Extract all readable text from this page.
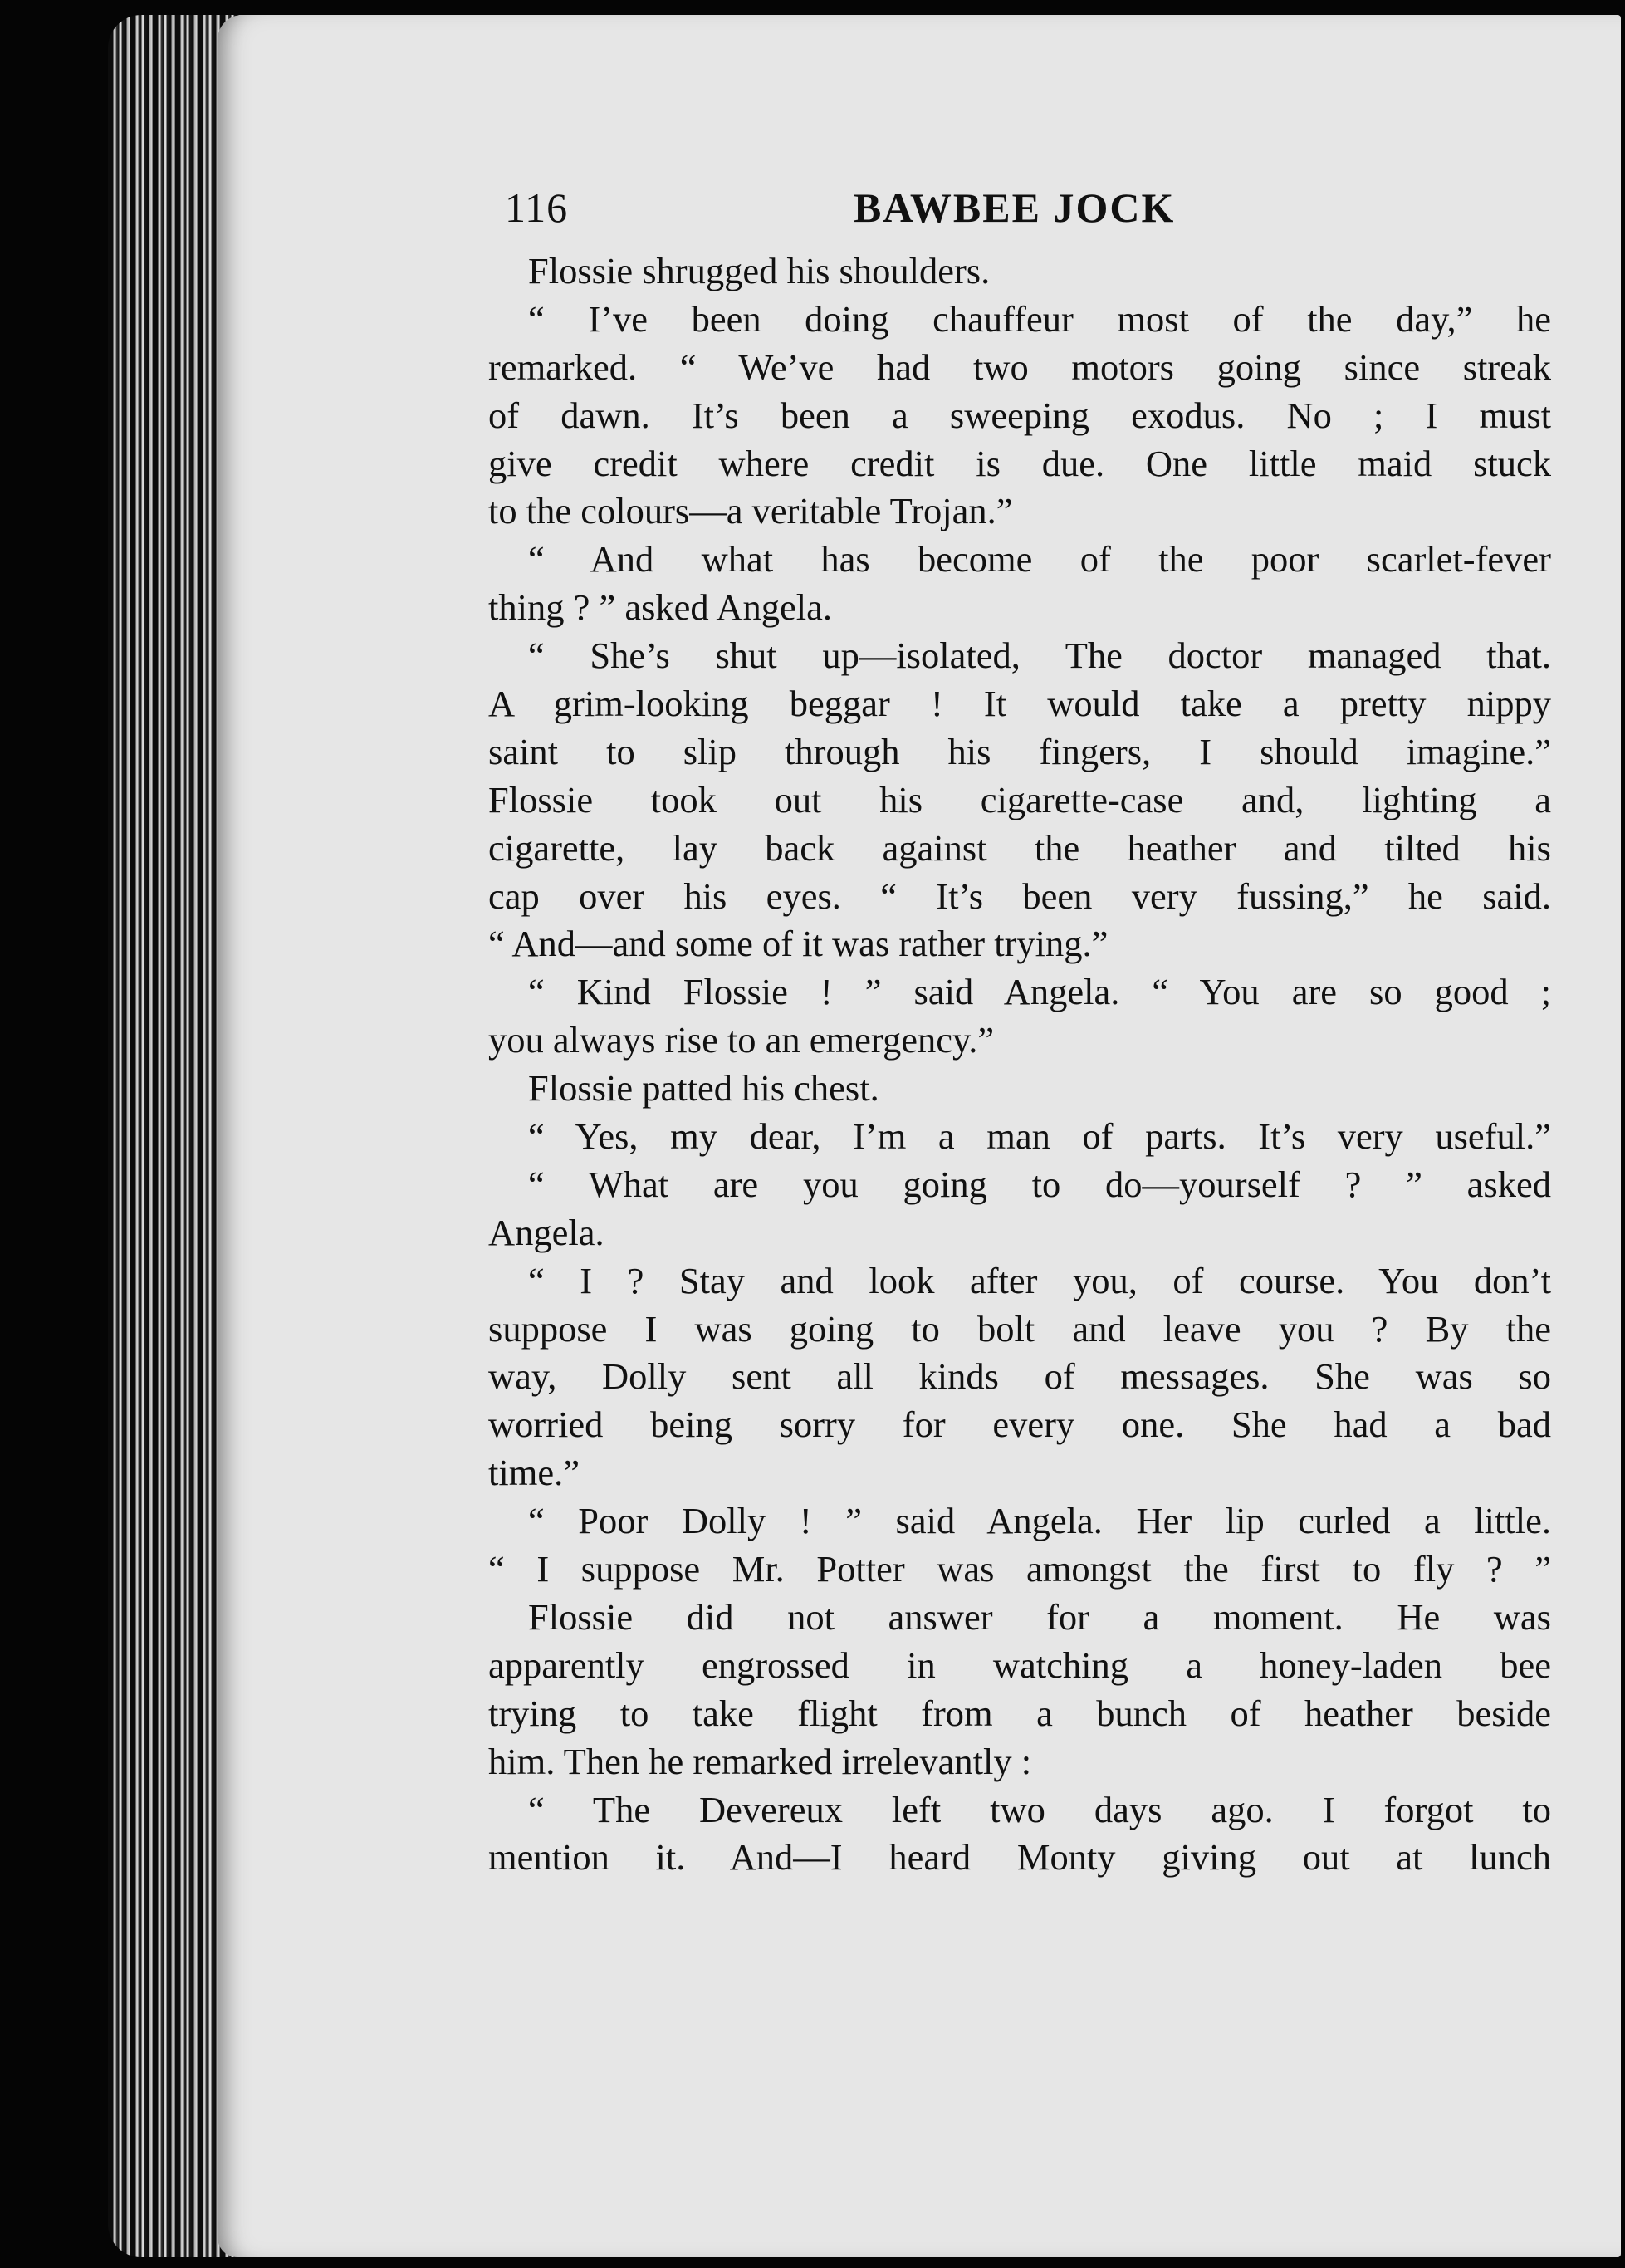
116	BAWBEE JOCK
Flossie shrugged his shoulders.
“ I’ve been doing chauffeur most of the day,” he
remarked. “ We’ve had two motors going since streak
of dawn. It’s been a sweeping exodus. No ; I must
give credit where credit is due. One little maid stuck
to the colours—a veritable Trojan.”
“ And what has become of the poor scarlet-fever
thing ? ” asked Angela.
“ She’s shut up—isolated, The doctor managed that.
A grim-looking beggar ! It would take a pretty nippy
saint to slip through his fingers, I should imagine.”
Flossie took out his cigarette-case and, lighting a
cigarette, lay back against the heather and tilted his
cap over his eyes. “ It’s been very fussing,” he said.
“ And—and some of it was rather trying.”
“ Kind Flossie ! ” said Angela. “ You are so good ;
you always rise to an emergency.”
Flossie patted his chest.
“ Yes, my dear, I’m a man of parts. It’s very useful.”
“ What are you going to do—yourself ? ” asked
Angela.
“ I ? Stay and look after you, of course. You don’t
suppose I was going to bolt and leave you ? By the
way, Dolly sent all kinds of messages. She was so
worried being sorry for every one. She had a bad
time.”
“ Poor Dolly ! ” said Angela. Her lip curled a little.
“ I suppose Mr. Potter was amongst the first to fly ? ”
Flossie did not answer for a moment. He was
apparently engrossed in watching a honey-laden bee
trying to take flight from a bunch of heather beside
him. Then he remarked irrelevantly :
“ The Devereux left two days ago. I forgot to
mention it. And—I heard Monty giving out at lunch
